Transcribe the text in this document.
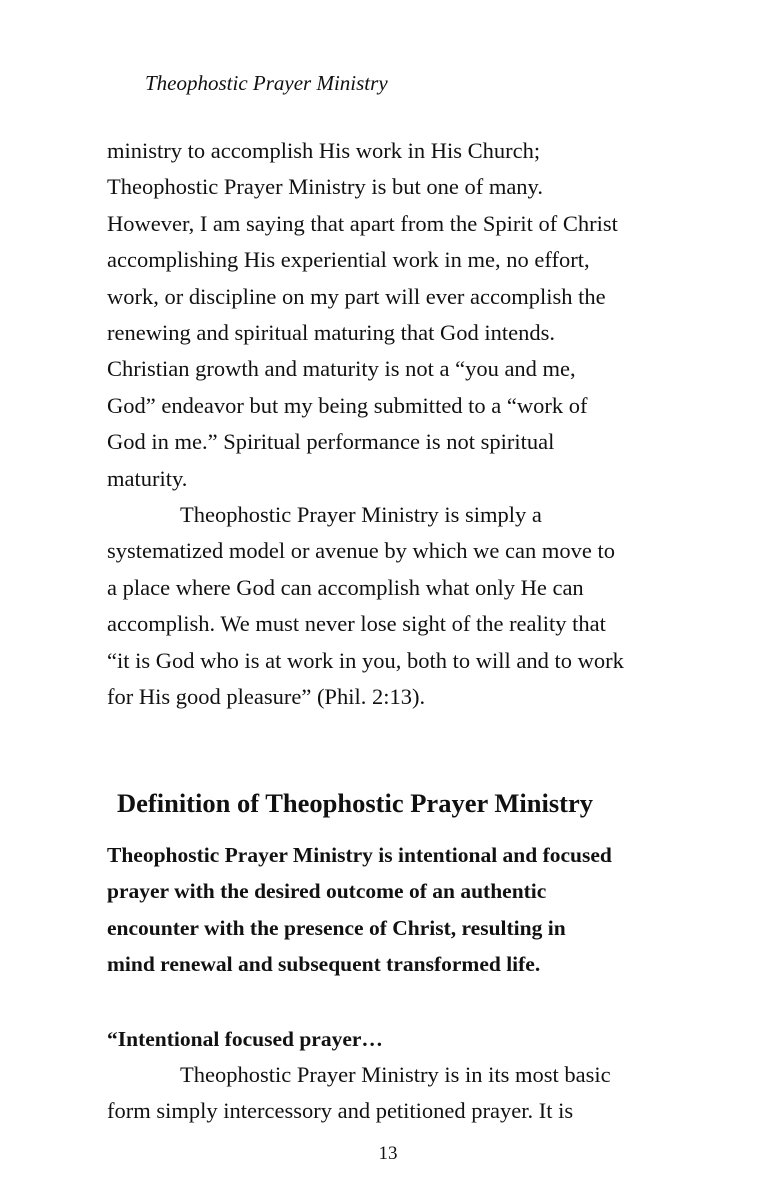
Theophostic Prayer Ministry
ministry to accomplish His work in His Church;
Theophostic Prayer Ministry is but one of many.
However, I am saying that apart from the Spirit of Christ
accomplishing His experiential work in me, no effort,
work, or discipline on my part will ever accomplish the
renewing and spiritual maturing that God intends.
Christian growth and maturity is not a “you and me,
God” endeavor but my being submitted to a “work of
God in me.” Spiritual performance is not spiritual
maturity.
Theophostic Prayer Ministry is simply a
systematized model or avenue by which we can move to
a place where God can accomplish what only He can
accomplish. We must never lose sight of the reality that
“it is God who is at work in you, both to will and to work
for His good pleasure” (Phil. 2:13).
Definition of Theophostic Prayer Ministry
Theophostic Prayer Ministry is intentional and focused
prayer with the desired outcome of an authentic
encounter with the presence of Christ, resulting in
mind renewal and subsequent transformed life.
“Intentional focused prayer…
Theophostic Prayer Ministry is in its most basic
form simply intercessory and petitioned prayer. It is
13
